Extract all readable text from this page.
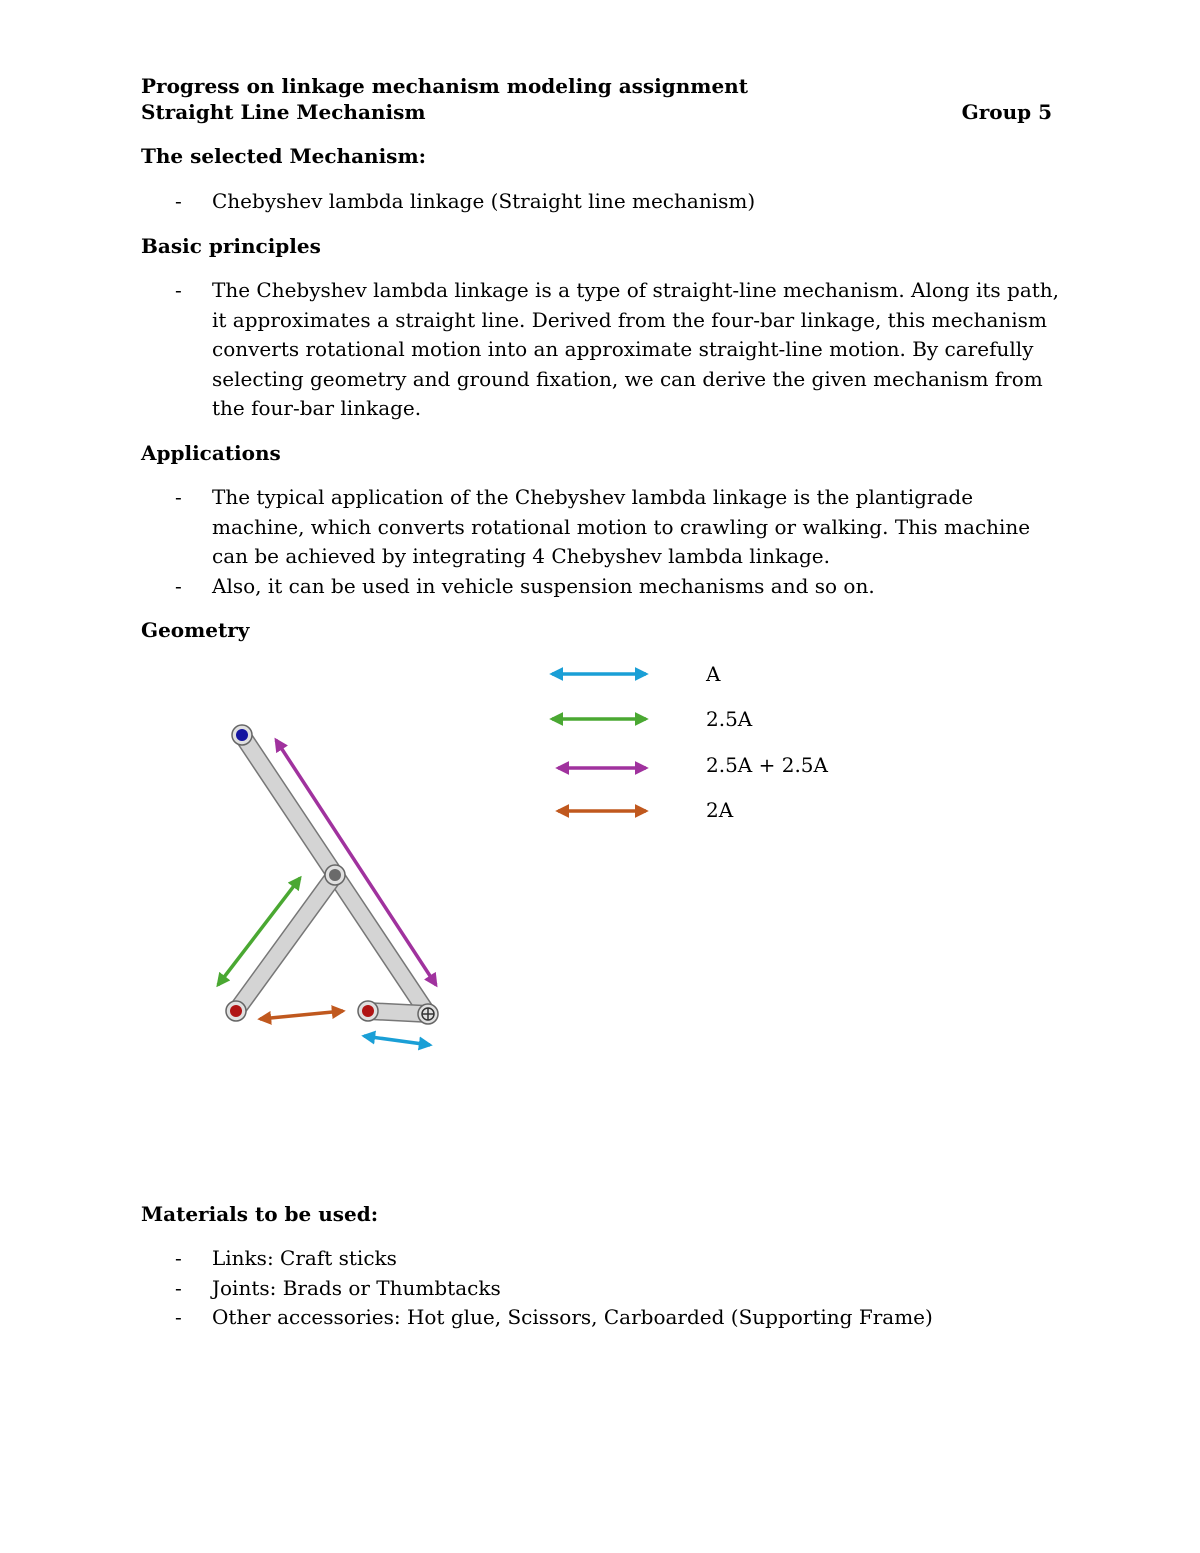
Progress on linkage mechanism modeling assignment
Straight Line Mechanism	Group 5
The selected Mechanism:
- Chebyshev lambda linkage (Straight line mechanism)
Basic principles
- The Chebyshev lambda linkage is a type of straight-line mechanism. Along its path, it approximates a straight line. Derived from the four-bar linkage, this mechanism converts rotational motion into an approximate straight-line motion. By carefully selecting geometry and ground fixation, we can derive the given mechanism from the four-bar linkage.
Applications
- The typical application of the Chebyshev lambda linkage is the plantigrade machine, which converts rotational motion to crawling or walking. This machine can be achieved by integrating 4 Chebyshev lambda linkage.
- Also, it can be used in vehicle suspension mechanisms and so on.
Geometry
A
2.5A
2.5A + 2.5A
2A
Materials to be used:
- Links: Craft sticks
- Joints: Brads or Thumbtacks
- Other accessories: Hot glue, Scissors, Carboarded (Supporting Frame)
